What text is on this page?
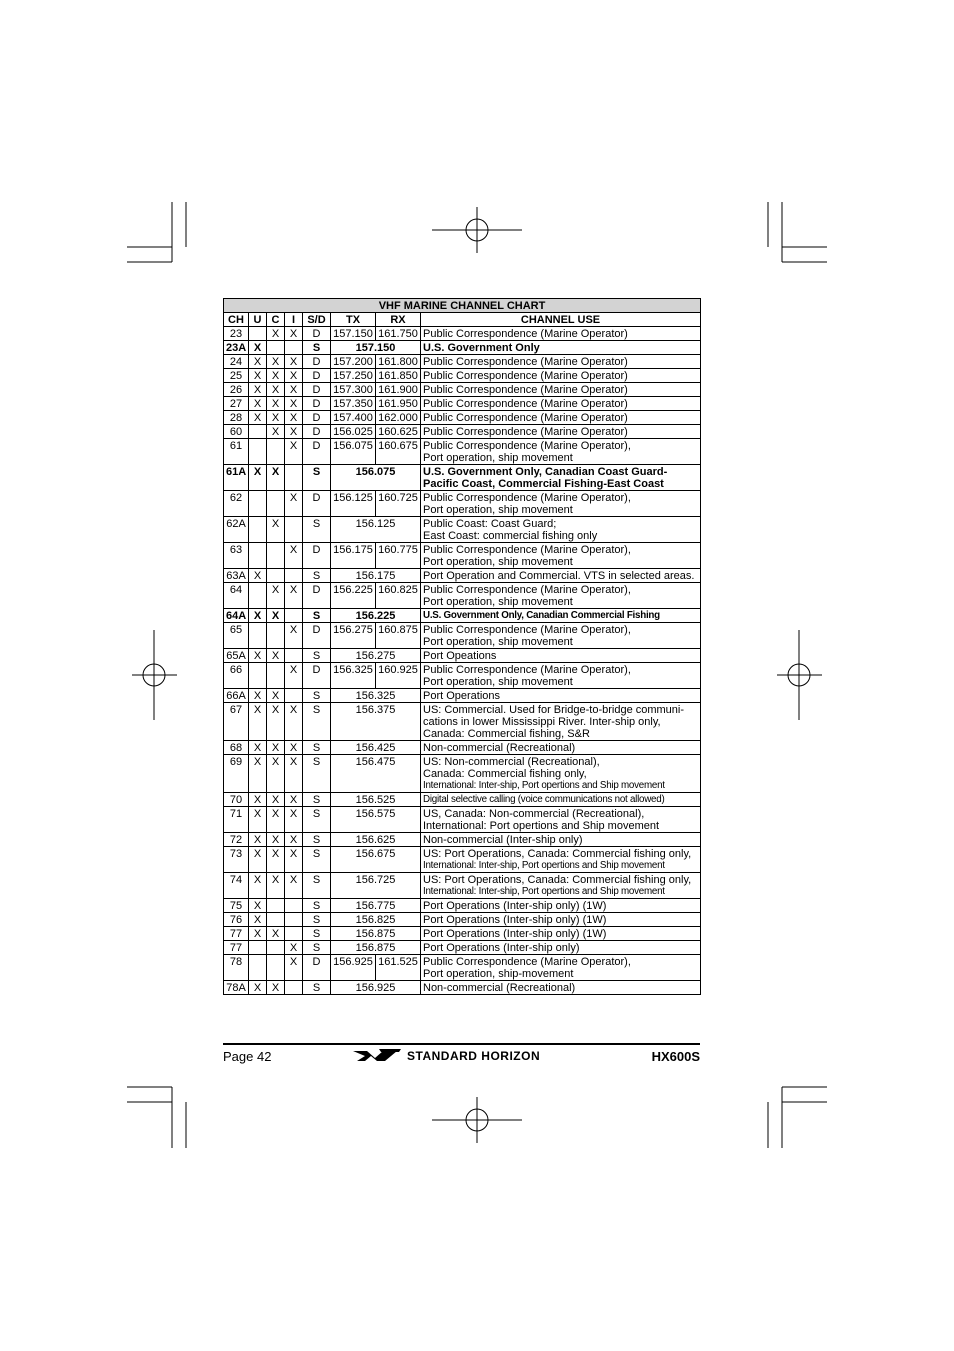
VHF MARINE CHANNEL CHART							
CH	U	C	I	S/D	TX	RX	CHANNEL USE
23		X	X	D	157.150	161.750	Public Correspondence (Marine Operator)

23A	X			S	157.150		U.S. Government Only

24	X	X	X	D	157.200	161.800	Public Correspondence (Marine Operator)

25	X	X	X	D	157.250	161.850	Public Correspondence (Marine Operator)

26	X	X	X	D	157.300	161.900	Public Correspondence (Marine Operator)

27	X	X	X	D	157.350	161.950	Public Correspondence (Marine Operator)

28	X	X	X	D	157.400	162.000	Public Correspondence (Marine Operator)

60		X	X	D	156.025	160.625	Public Correspondence (Marine Operator)

61			X	D	156.075	160.675	Public Correspondence (Marine Operator),
Port operation, ship movement

61A	X	X		S	156.075		U.S. Government Only, Canadian Coast Guard-
Pacific Coast, Commercial Fishing-East Coast

62			X	D	156.125	160.725	Public Correspondence (Marine Operator),
Port operation, ship movement

62A		X		S	156.125		Public Coast: Coast Guard;
East Coast: commercial fishing only

63			X	D	156.175	160.775	Public Correspondence (Marine Operator),
Port operation, ship movement

63A	X			S	156.175		Port Operation and Commercial. VTS in selected areas.

64		X	X	D	156.225	160.825	Public Correspondence (Marine Operator),
Port operation, ship movement

64A	X	X		S	156.225		U.S. Government Only, Canadian Commercial Fishing

65			X	D	156.275	160.875	Public Correspondence (Marine Operator),
Port operation, ship movement

65A	X	X		S	156.275		Port Opeations

66			X	D	156.325	160.925	Public Correspondence (Marine Operator),
Port operation, ship movement

66A	X	X		S	156.325		Port Operations

67	X	X	X	S	156.375		US: Commercial. Used for Bridge-to-bridge communi-
cations in lower Mississippi River. Inter-ship only,
Canada: Commercial fishing, S&R

68	X	X	X	S	156.425		Non-commercial (Recreational)

69	X	X	X	S	156.475		US: Non-commercial (Recreational),
Canada: Commercial fishing only,
International: Inter-ship, Port opertions and Ship movement

70	X	X	X	S	156.525		Digital selective calling (voice communications not allowed)

71	X	X	X	S	156.575		US, Canada: Non-commercial (Recreational),
International: Port opertions and Ship movement

72	X	X	X	S	156.625		Non-commercial (Inter-ship only)

73	X	X	X	S	156.675		US: Port Operations, Canada: Commercial fishing only,
International: Inter-ship, Port opertions and Ship movement

74	X	X	X	S	156.725		US: Port Operations, Canada: Commercial fishing only,
International: Inter-ship, Port opertions and Ship movement

75	X			S	156.775		Port Operations (Inter-ship only) (1W)

76	X			S	156.825		Port Operations (Inter-ship only) (1W)

77	X	X		S	156.875		Port Operations (Inter-ship only) (1W)

77			X	S	156.875		Port Operations (Inter-ship only)

78			X	D	156.925	161.525	Public Correspondence (Marine Operator),
Port operation, ship-movement

78A	X	X		S	156.925		Non-commercial (Recreational)
Page 42	STANDARD HORIZON	HX600S
